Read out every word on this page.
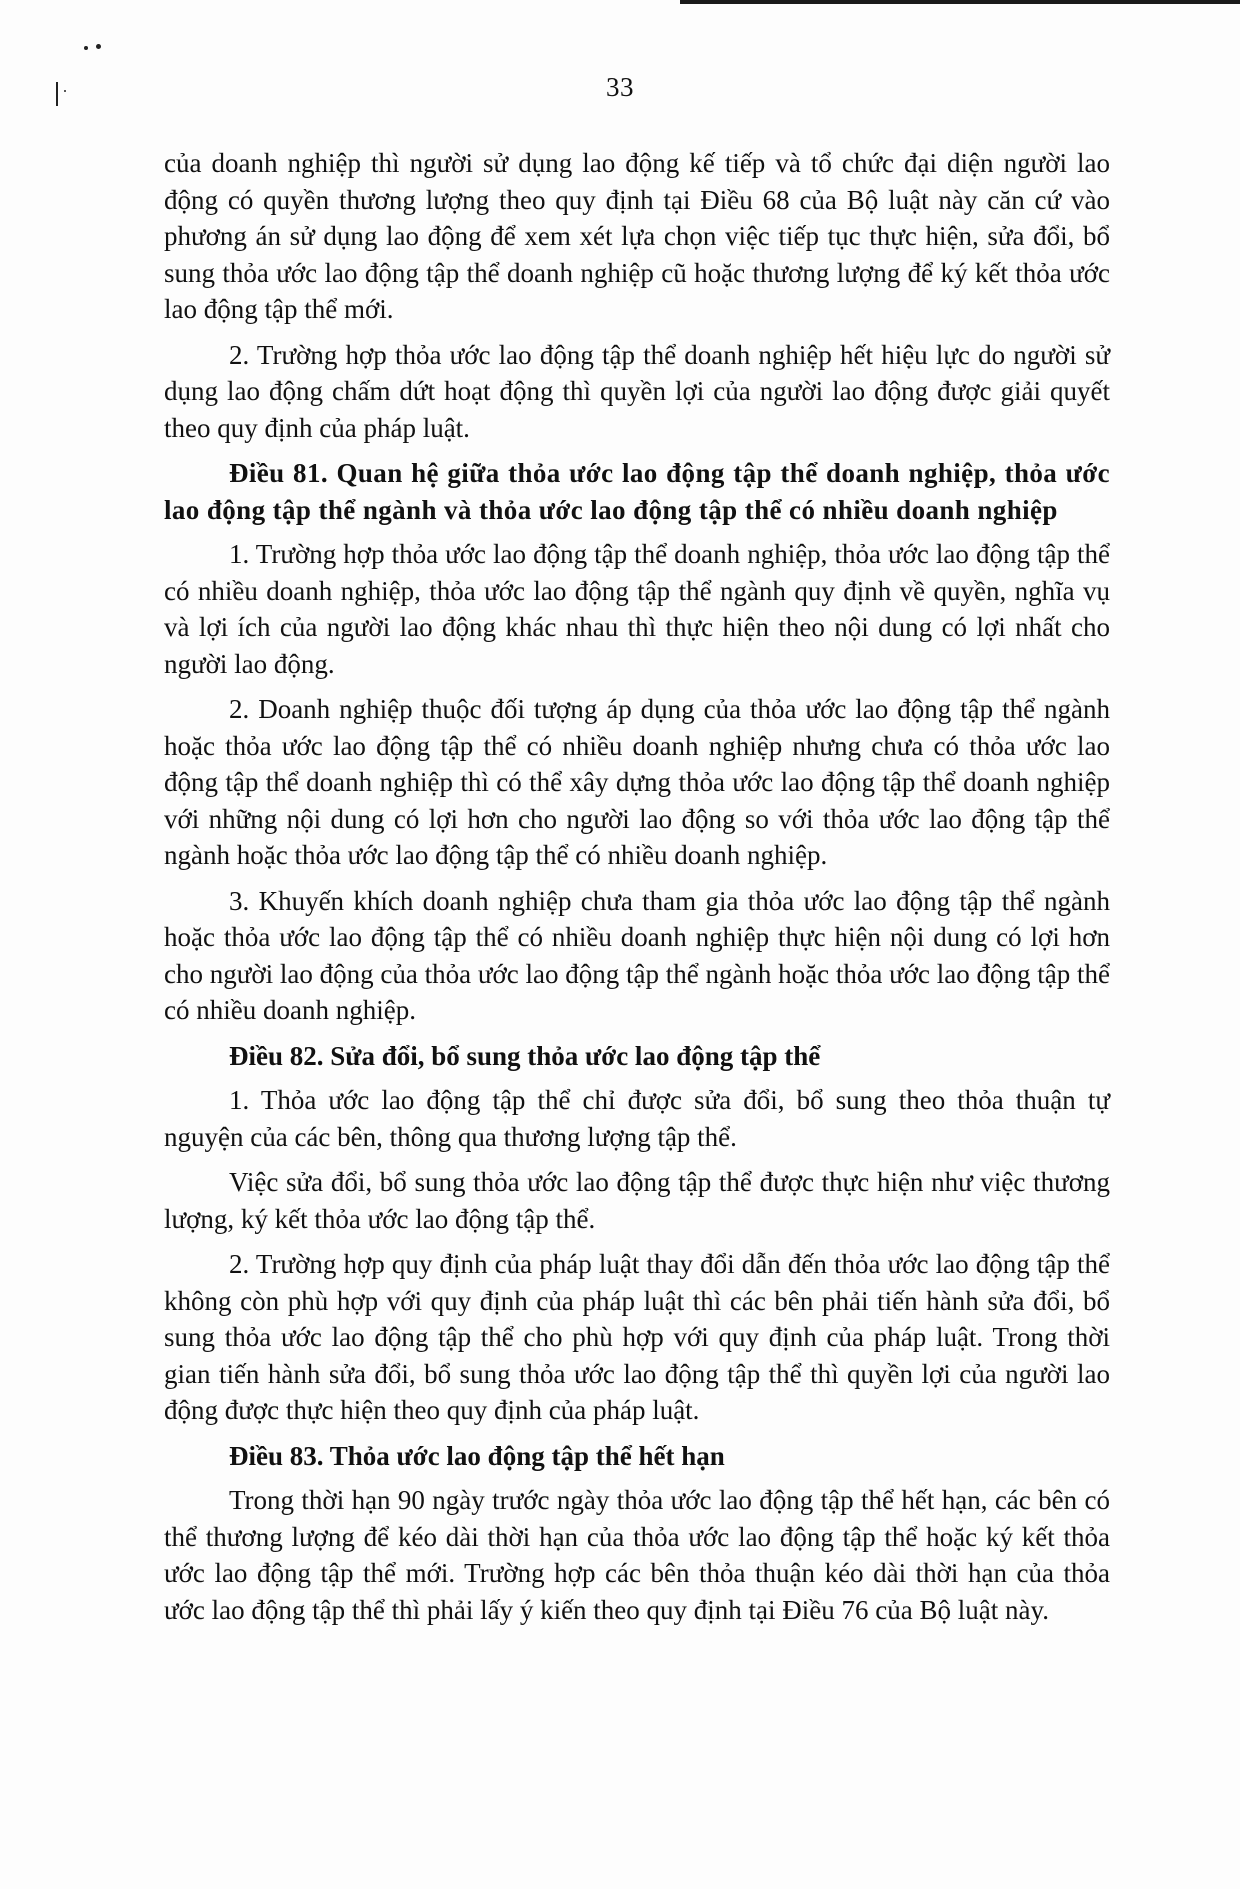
33

của doanh nghiệp thì người sử dụng lao động kế tiếp và tổ chức đại diện người lao động có quyền thương lượng theo quy định tại Điều 68 của Bộ luật này căn cứ vào phương án sử dụng lao động để xem xét lựa chọn việc tiếp tục thực hiện, sửa đổi, bổ sung thỏa ước lao động tập thể doanh nghiệp cũ hoặc thương lượng để ký kết thỏa ước lao động tập thể mới.

2. Trường hợp thỏa ước lao động tập thể doanh nghiệp hết hiệu lực do người sử dụng lao động chấm dứt hoạt động thì quyền lợi của người lao động được giải quyết theo quy định của pháp luật.

Điều 81. Quan hệ giữa thỏa ước lao động tập thể doanh nghiệp, thỏa ước lao động tập thể ngành và thỏa ước lao động tập thể có nhiều doanh nghiệp

1. Trường hợp thỏa ước lao động tập thể doanh nghiệp, thỏa ước lao động tập thể có nhiều doanh nghiệp, thỏa ước lao động tập thể ngành quy định về quyền, nghĩa vụ và lợi ích của người lao động khác nhau thì thực hiện theo nội dung có lợi nhất cho người lao động.

2. Doanh nghiệp thuộc đối tượng áp dụng của thỏa ước lao động tập thể ngành hoặc thỏa ước lao động tập thể có nhiều doanh nghiệp nhưng chưa có thỏa ước lao động tập thể doanh nghiệp thì có thể xây dựng thỏa ước lao động tập thể doanh nghiệp với những nội dung có lợi hơn cho người lao động so với thỏa ước lao động tập thể ngành hoặc thỏa ước lao động tập thể có nhiều doanh nghiệp.

3. Khuyến khích doanh nghiệp chưa tham gia thỏa ước lao động tập thể ngành hoặc thỏa ước lao động tập thể có nhiều doanh nghiệp thực hiện nội dung có lợi hơn cho người lao động của thỏa ước lao động tập thể ngành hoặc thỏa ước lao động tập thể có nhiều doanh nghiệp.

Điều 82. Sửa đổi, bổ sung thỏa ước lao động tập thể

1. Thỏa ước lao động tập thể chỉ được sửa đổi, bổ sung theo thỏa thuận tự nguyện của các bên, thông qua thương lượng tập thể.

Việc sửa đổi, bổ sung thỏa ước lao động tập thể được thực hiện như việc thương lượng, ký kết thỏa ước lao động tập thể.

2. Trường hợp quy định của pháp luật thay đổi dẫn đến thỏa ước lao động tập thể không còn phù hợp với quy định của pháp luật thì các bên phải tiến hành sửa đổi, bổ sung thỏa ước lao động tập thể cho phù hợp với quy định của pháp luật. Trong thời gian tiến hành sửa đổi, bổ sung thỏa ước lao động tập thể thì quyền lợi của người lao động được thực hiện theo quy định của pháp luật.

Điều 83. Thỏa ước lao động tập thể hết hạn

Trong thời hạn 90 ngày trước ngày thỏa ước lao động tập thể hết hạn, các bên có thể thương lượng để kéo dài thời hạn của thỏa ước lao động tập thể hoặc ký kết thỏa ước lao động tập thể mới. Trường hợp các bên thỏa thuận kéo dài thời hạn của thỏa ước lao động tập thể thì phải lấy ý kiến theo quy định tại Điều 76 của Bộ luật này.
